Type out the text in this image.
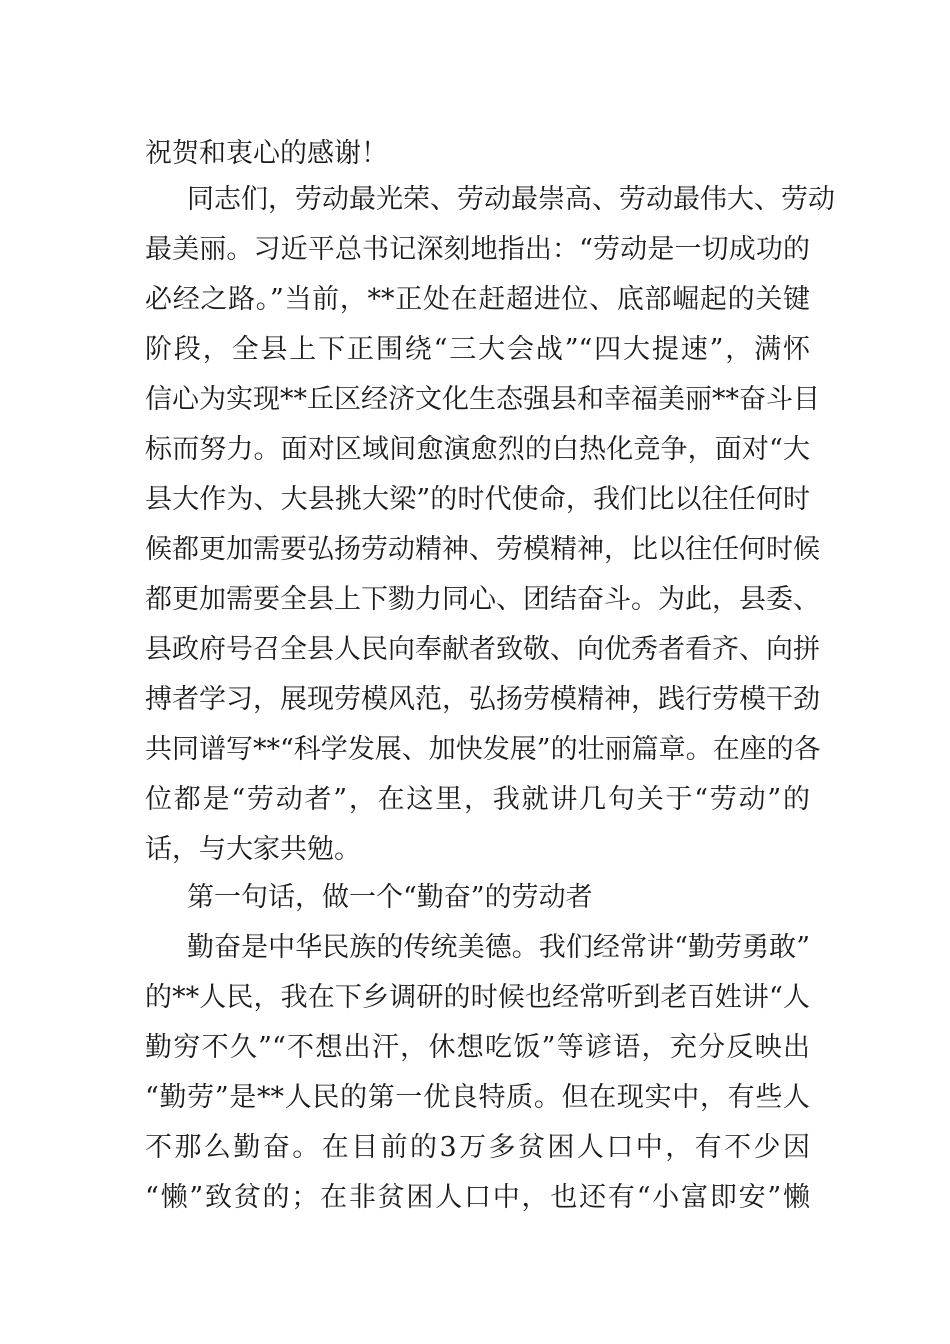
祝贺和衷心的感谢！
同志们，劳动最光荣、劳动最崇高、劳动最伟大、劳动
最美丽。习近平总书记深刻地指出：“劳动是一切成功的
必经之路。”当前，**正处在赶超进位、底部崛起的关键
阶段，全县上下正围绕“三大会战”“四大提速”，满怀
信心为实现**丘区经济文化生态强县和幸福美丽**奋斗目
标而努力。面对区域间愈演愈烈的白热化竞争，面对“大
县大作为、大县挑大梁”的时代使命，我们比以往任何时
候都更加需要弘扬劳动精神、劳模精神，比以往任何时候
都更加需要全县上下勠力同心、团结奋斗。为此，县委、
县政府号召全县人民向奉献者致敬、向优秀者看齐、向拼
搏者学习，展现劳模风范，弘扬劳模精神，践行劳模干劲
共同谱写**“科学发展、加快发展”的壮丽篇章。在座的各
位都是“劳动者”，在这里，我就讲几句关于“劳动”的
话，与大家共勉。
第一句话，做一个“勤奋”的劳动者
勤奋是中华民族的传统美德。我们经常讲“勤劳勇敢”
的**人民，我在下乡调研的时候也经常听到老百姓讲“人
勤穷不久”“不想出汗，休想吃饭”等谚语，充分反映出
“勤劳”是**人民的第一优良特质。但在现实中，有些人
不那么勤奋。在目前的3万多贫困人口中，有不少因
“懒”致贫的；在非贫困人口中，也还有“小富即安”懒
